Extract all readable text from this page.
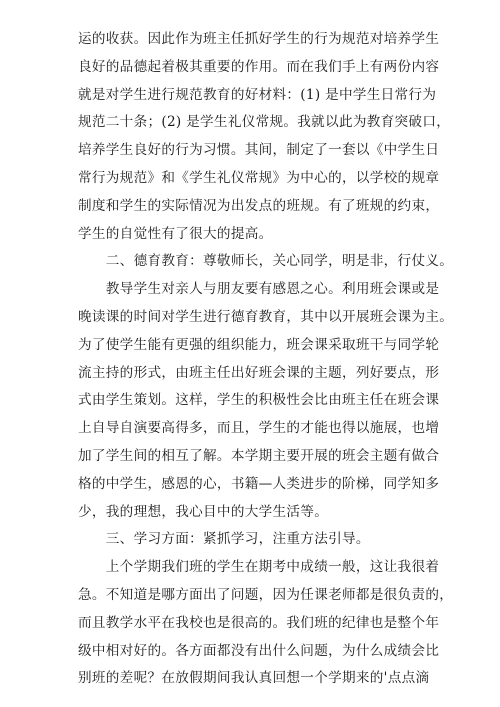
运的收获。因此作为班主任抓好学生的行为规范对培养学生
良好的品德起着极其重要的作用。而在我们手上有两份内容
就是对学生进行规范教育的好材料：(1) 是中学生日常行为
规范二十条；(2) 是学生礼仪常规。我就以此为教育突破口，
培养学生良好的行为习惯。其间，制定了一套以《中学生日
常行为规范》和《学生礼仪常规》为中心的，以学校的规章
制度和学生的实际情况为出发点的班规。有了班规的约束，
学生的自觉性有了很大的提高。
　　二、德育教育：尊敬师长，关心同学，明是非，行仗义。
　　教导学生对亲人与朋友要有感恩之心。利用班会课或是
晚读课的时间对学生进行德育教育，其中以开展班会课为主。
为了使学生能有更强的组织能力，班会课采取班干与同学轮
流主持的形式，由班主任出好班会课的主题，列好要点，形
式由学生策划。这样，学生的积极性会比由班主任在班会课
上自导自演要高得多，而且，学生的才能也得以施展，也增
加了学生间的相互了解。本学期主要开展的班会主题有做合
格的中学生，感恩的心，书籍—人类进步的阶梯，同学知多
少，我的理想，我心目中的大学生活等。
　　三、学习方面：紧抓学习，注重方法引导。
　　上个学期我们班的学生在期考中成绩一般，这让我很着
急。不知道是哪方面出了问题，因为任课老师都是很负责的，
而且教学水平在我校也是很高的。我们班的纪律也是整个年
级中相对好的。各方面都没有出什么问题，为什么成绩会比
别班的差呢？在放假期间我认真回想一个学期来的'点点滴
